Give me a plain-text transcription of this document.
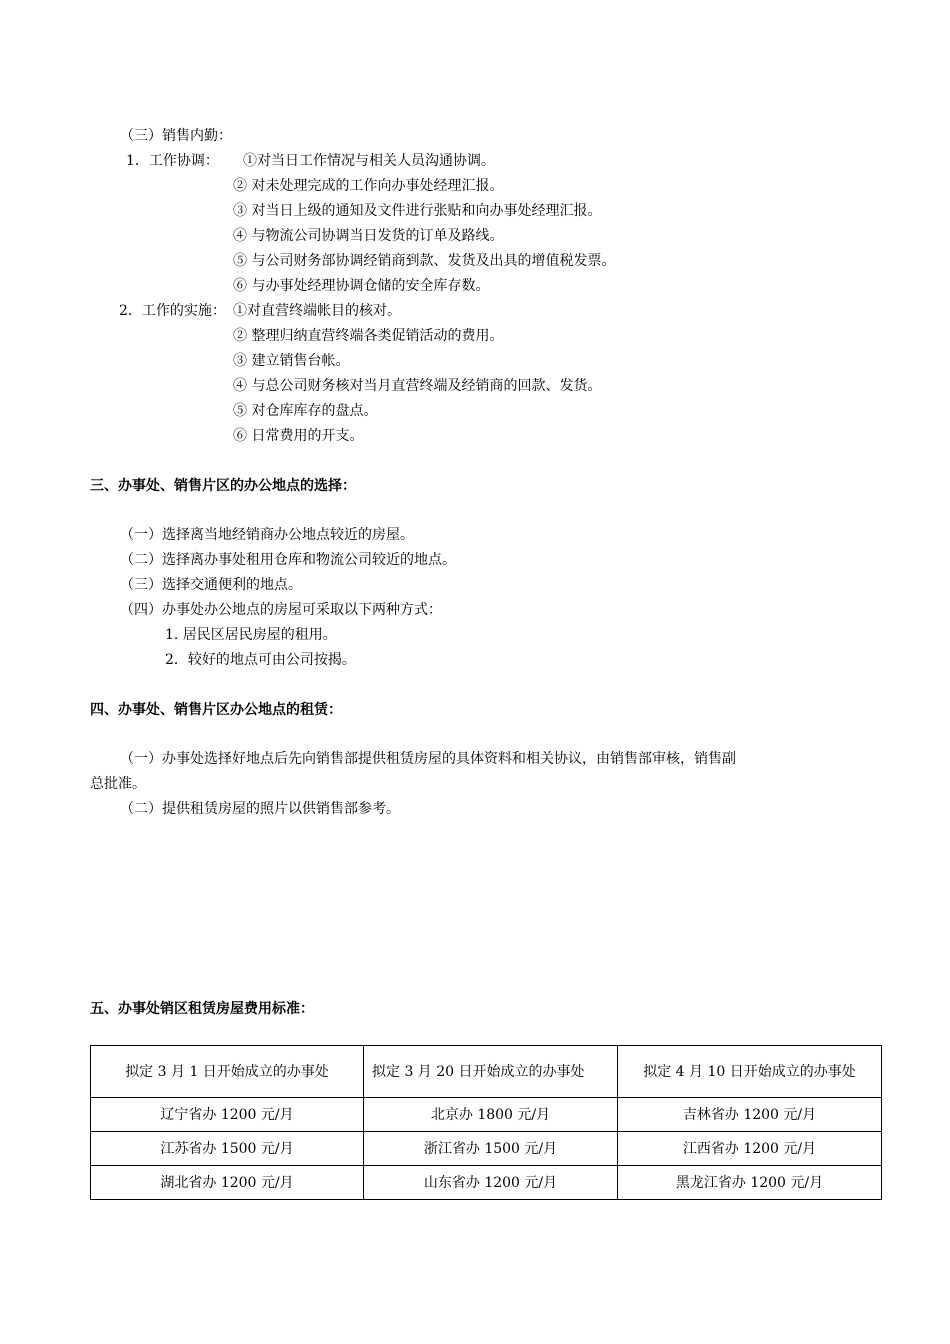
（三）销售内勤：
1．工作协调： ①对当日工作情况与相关人员沟通协调。
② 对未处理完成的工作向办事处经理汇报。
③ 对当日上级的通知及文件进行张贴和向办事处经理汇报。
④ 与物流公司协调当日发货的订单及路线。
⑤ 与公司财务部协调经销商到款、发货及出具的增值税发票。
⑥ 与办事处经理协调仓储的安全库存数。
2．工作的实施： ①对直营终端帐目的核对。
② 整理归纳直营终端各类促销活动的费用。
③ 建立销售台帐。
④ 与总公司财务核对当月直营终端及经销商的回款、发货。
⑤ 对仓库库存的盘点。
⑥ 日常费用的开支。
三、办事处、销售片区的办公地点的选择：
（一）选择离当地经销商办公地点较近的房屋。
（二）选择离办事处租用仓库和物流公司较近的地点。
（三）选择交通便利的地点。
（四）办事处办公地点的房屋可采取以下两种方式：
1. 居民区居民房屋的租用。
2．较好的地点可由公司按揭。
四、办事处、销售片区办公地点的租赁：
（一）办事处选择好地点后先向销售部提供租赁房屋的具体资料和相关协议，由销售部审核，销售副
总批准。
（二）提供租赁房屋的照片以供销售部参考。
五、办事处销区租赁房屋费用标准：
拟定 3 月 1 日开始成立的办事处	拟定 3 月 20 日开始成立的办事处	拟定 4 月 10 日开始成立的办事处
辽宁省办 1200 元/月	北京办 1800 元/月	吉林省办 1200 元/月
江苏省办 1500 元/月	浙江省办 1500 元/月	江西省办 1200 元/月
湖北省办 1200 元/月	山东省办 1200 元/月	黑龙江省办 1200 元/月
